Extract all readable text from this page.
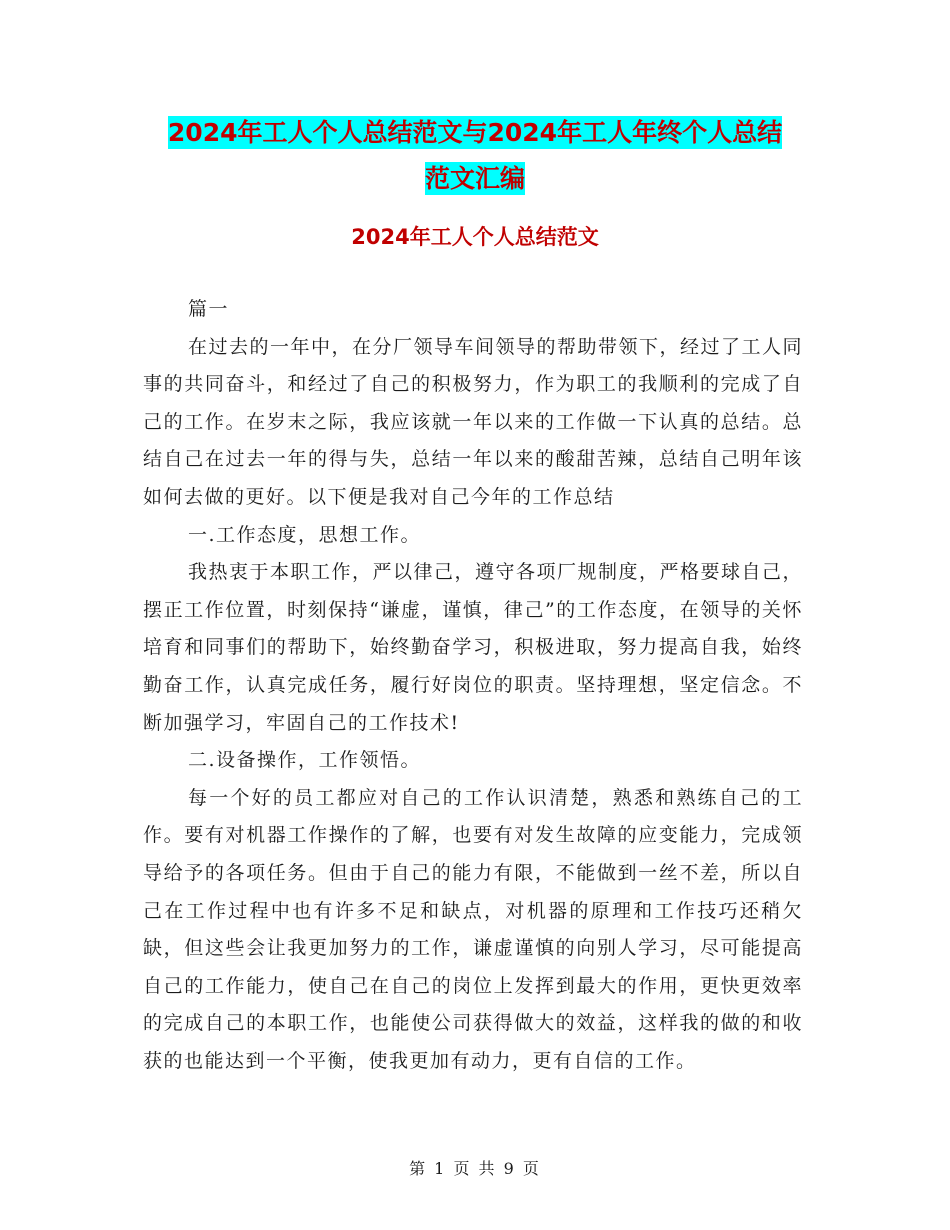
2024年工人个人总结范文与2024年工人年终个人总结
范文汇编
2024年工人个人总结范文

篇一

在过去的一年中，在分厂领导车间领导的帮助带领下，经过了工人同事的共同奋斗，和经过了自己的积极努力，作为职工的我顺利的完成了自己的工作。在岁末之际，我应该就一年以来的工作做一下认真的总结。总结自己在过去一年的得与失，总结一年以来的酸甜苦辣，总结自己明年该如何去做的更好。以下便是我对自己今年的工作总结

一.工作态度，思想工作。

我热衷于本职工作，严以律己，遵守各项厂规制度，严格要球自己，摆正工作位置，时刻保持“谦虚，谨慎，律己”的工作态度，在领导的关怀培育和同事们的帮助下，始终勤奋学习，积极进取，努力提高自我，始终勤奋工作，认真完成任务，履行好岗位的职责。坚持理想，坚定信念。不断加强学习，牢固自己的工作技术!

二.设备操作，工作领悟。

每一个好的员工都应对自己的工作认识清楚，熟悉和熟练自己的工作。要有对机器工作操作的了解，也要有对发生故障的应变能力，完成领导给予的各项任务。但由于自己的能力有限，不能做到一丝不差，所以自己在工作过程中也有许多不足和缺点，对机器的原理和工作技巧还稍欠缺，但这些会让我更加努力的工作，谦虚谨慎的向别人学习，尽可能提高自己的工作能力，使自己在自己的岗位上发挥到最大的作用，更快更效率的完成自己的本职工作，也能使公司获得做大的效益，这样我的做的和收获的也能达到一个平衡，使我更加有动力，更有自信的工作。

第 1 页 共 9 页
